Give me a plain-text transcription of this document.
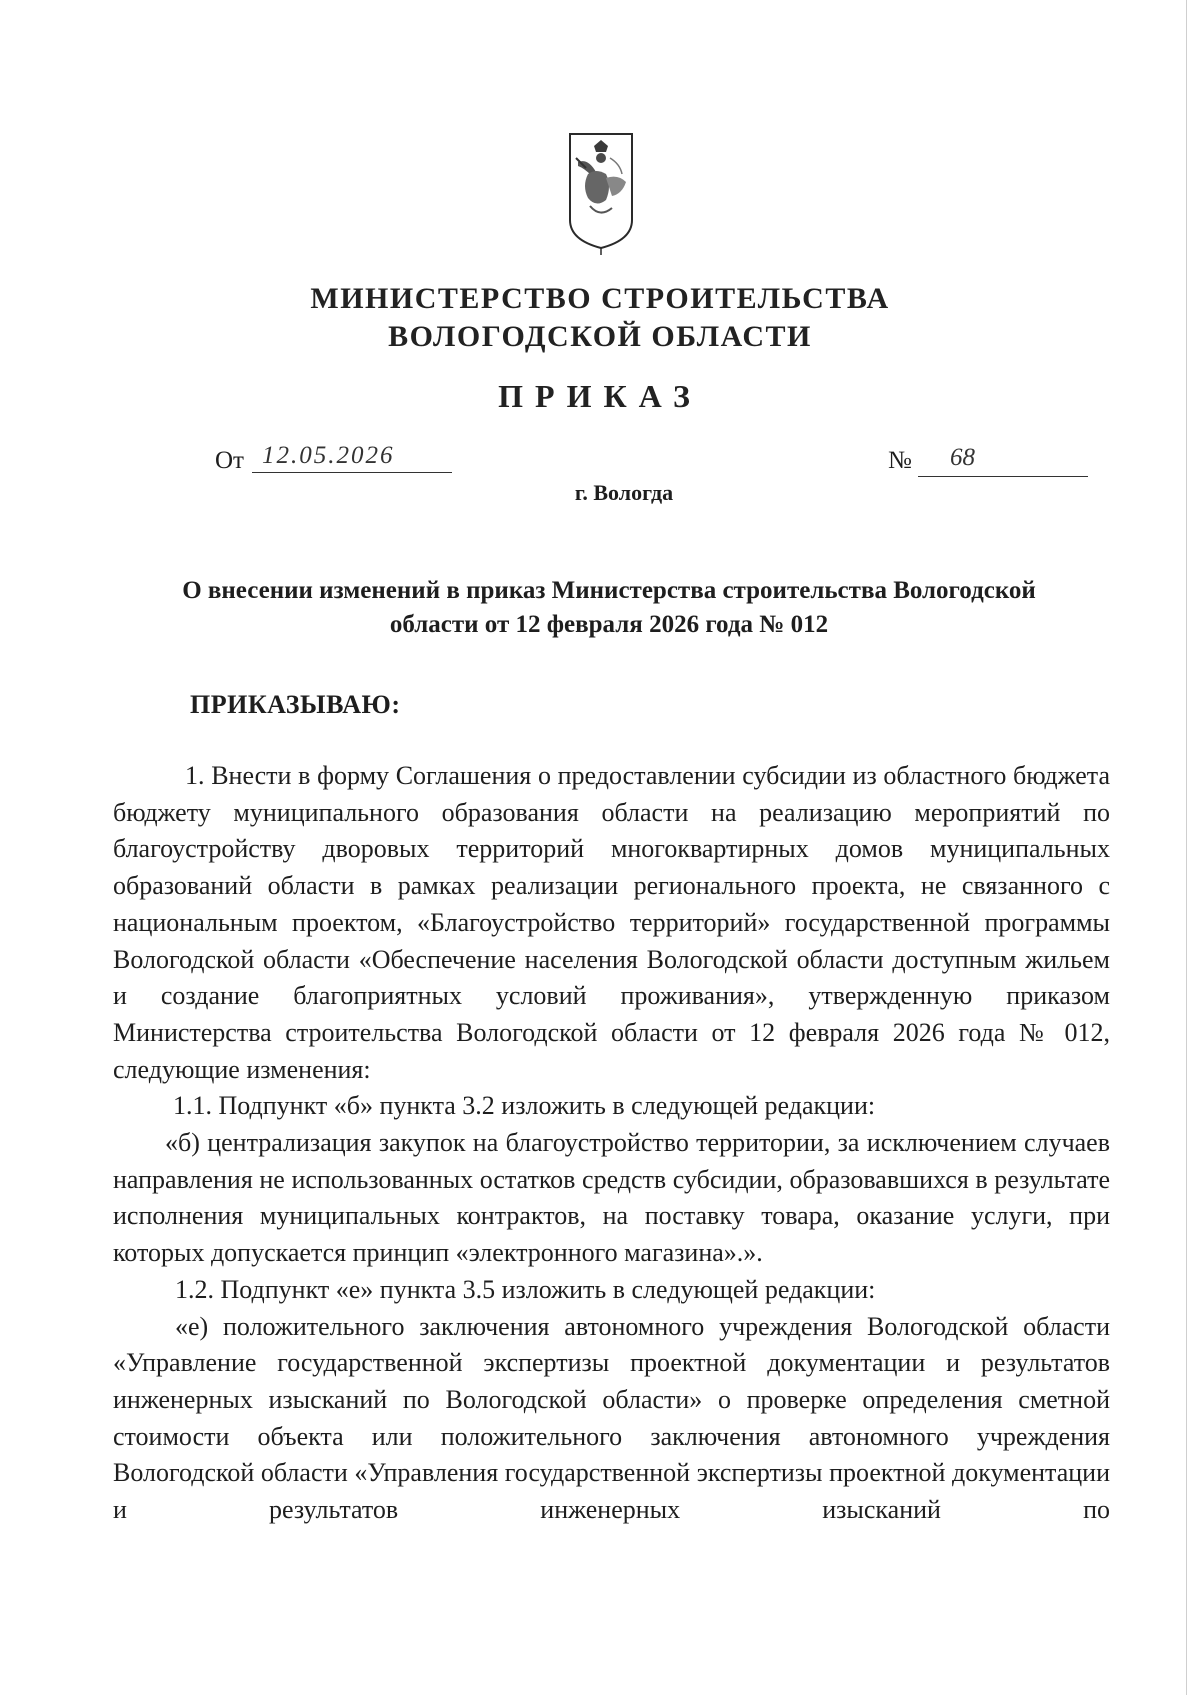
МИНИСТЕРСТВО СТРОИТЕЛЬСТВА
ВОЛОГОДСКОЙ ОБЛАСТИ
ПРИКАЗ
От 12.05.2026	№ 68
г. Вологда
О внесении изменений в приказ Министерства строительства Вологодской
области от 12 февраля 2026 года № 012
ПРИКАЗЫВАЮ:

1. Внести в форму Соглашения о предоставлении субсидии из областного бюджета бюджету муниципального образования области на реализацию мероприятий по благоустройству дворовых территорий многоквартирных домов муниципальных образований области в рамках реализации регионального проекта, не связанного с национальным проектом, «Благоустройство территорий» государственной программы Вологодской области «Обеспечение населения Вологодской области доступным жильем и создание благоприятных условий проживания», утвержденную приказом Министерства строительства Вологодской области от 12 февраля 2026 года № 012, следующие изменения:

1.1. Подпункт «б» пункта 3.2 изложить в следующей редакции:

«б) централизация закупок на благоустройство территории, за исключением случаев направления не использованных остатков средств субсидии, образовавшихся в результате исполнения муниципальных контрактов, на поставку товара, оказание услуги, при которых допускается принцип «электронного магазина».».

1.2. Подпункт «е» пункта 3.5 изложить в следующей редакции:

«е) положительного заключения автономного учреждения Вологодской области «Управление государственной экспертизы проектной документации и результатов инженерных изысканий по Вологодской области» о проверке определения сметной стоимости объекта или положительного заключения автономного учреждения Вологодской области «Управления государственной экспертизы проектной документации и результатов инженерных изысканий по
